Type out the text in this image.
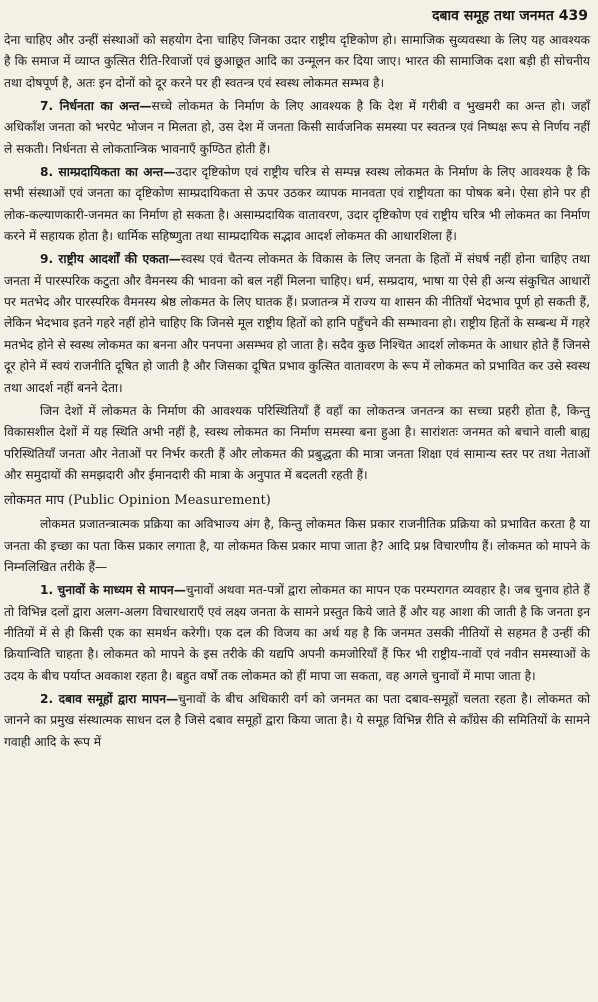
दबाव समूह तथा जनमत 439

देना चाहिए और उन्हीं संस्थाओं को सहयोग देना चाहिए जिनका उदार राष्ट्रीय दृष्टिकोण हो। सामाजिक सुव्यवस्था के लिए यह आवश्यक है कि समाज में व्याप्त कुत्सित रीति-रिवाजों एवं छुआछूत आदि का उन्मूलन कर दिया जाए। भारत की सामाजिक दशा बड़ी ही सोचनीय तथा दोषपूर्ण है, अतः इन दोनों को दूर करने पर ही स्वतन्त्र एवं स्वस्थ लोकमत सम्भव है।

7. निर्धनता का अन्त—सच्चे लोकमत के निर्माण के लिए आवश्यक है कि देश में गरीबी व भुखमरी का अन्त हो। जहाँ अधिकाँश जनता को भरपेट भोजन न मिलता हो, उस देश में जनता किसी सार्वजनिक समस्या पर स्वतन्त्र एवं निष्पक्ष रूप से निर्णय नहीं ले सकती। निर्धनता से लोकतान्त्रिक भावनाएँ कुण्ठित होती हैं।

8. साम्प्रदायिकता का अन्त—उदार दृष्टिकोण एवं राष्ट्रीय चरित्र से सम्पन्न स्वस्थ लोकमत के निर्माण के लिए आवश्यक है कि सभी संस्थाओं एवं जनता का दृष्टिकोण साम्प्रदायिकता से ऊपर उठकर व्यापक मानवता एवं राष्ट्रीयता का पोषक बने। ऐसा होने पर ही लोक-कल्याणकारी-जनमत का निर्माण हो सकता है। असाम्प्रदायिक वातावरण, उदार दृष्टिकोण एवं राष्ट्रीय चरित्र भी लोकमत का निर्माण करने में सहायक होता है। धार्मिक सहिष्णुता तथा साम्प्रदायिक सद्भाव आदर्श लोकमत की आधारशिला हैं।

9. राष्ट्रीय आदर्शों की एकता—स्वस्थ एवं चैतन्य लोकमत के विकास के लिए जनता के हितों में संघर्ष नहीं होना चाहिए तथा जनता में पारस्परिक कटुता और वैमनस्य की भावना को बल नहीं मिलना चाहिए। धर्म, सम्प्रदाय, भाषा या ऐसे ही अन्य संकुचित आधारों पर मतभेद और पारस्परिक वैमनस्य श्रेष्ठ लोकमत के लिए घातक हैं। प्रजातन्त्र में राज्य या शासन की नीतियाँ भेदभाव पूर्ण हो सकती हैं, लेकिन भेदभाव इतने गहरे नहीं होने चाहिए कि जिनसे मूल राष्ट्रीय हितों को हानि पहुँचने की सम्भावना हो। राष्ट्रीय हितों के सम्बन्ध में गहरे मतभेद होने से स्वस्थ लोकमत का बनना और पनपना असम्भव हो जाता है। सदैव कुछ निश्चित आदर्श लोकमत के आधार होते हैं जिनसे दूर होने में स्वयं राजनीति दूषित हो जाती है और जिसका दूषित प्रभाव कुत्सित वातावरण के रूप में लोकमत को प्रभावित कर उसे स्वस्थ तथा आदर्श नहीं बनने देता।

जिन देशों में लोकमत के निर्माण की आवश्यक परिस्थितियाँ हैं वहाँ का लोकतन्त्र जनतन्त्र का सच्चा प्रहरी होता है, किन्तु विकासशील देशों में यह स्थिति अभी नहीं है, स्वस्थ लोकमत का निर्माण समस्या बना हुआ है। सारांशतः जनमत को बचाने वाली बाह्य परिस्थितियाँ जनता और नेताओं पर निर्भर करती हैं और लोकमत की प्रबुद्धता की मात्रा जनता शिक्षा एवं सामान्य स्तर पर तथा नेताओं और समुदायों की समझदारी और ईमानदारी की मात्रा के अनुपात में बदलती रहती हैं।

लोकमत माप (Public Opinion Measurement)

लोकमत प्रजातन्त्रात्मक प्रक्रिया का अविभाज्य अंग है, किन्तु लोकमत किस प्रकार राजनीतिक प्रक्रिया को प्रभावित करता है या जनता की इच्छा का पता किस प्रकार लगाता है, या लोकमत किस प्रकार मापा जाता है? आदि प्रश्न विचारणीय हैं। लोकमत को मापने के निम्नलिखित तरीके हैं—

1. चुनावों के माध्यम से मापन—चुनावों अथवा मत-पत्रों द्वारा लोकमत का मापन एक परम्परागत व्यवहार है। जब चुनाव होते हैं तो विभिन्न दलों द्वारा अलग-अलग विचारधाराएँ एवं लक्ष्य जनता के सामने प्रस्तुत किये जाते हैं और यह आशा की जाती है कि जनता इन नीतियों में से ही किसी एक का समर्थन करेगी। एक दल की विजय का अर्थ यह है कि जनमत उसकी नीतियों से सहमत है उन्हीं की क्रियान्विति चाहता है। लोकमत को मापने के इस तरीके की यद्यपि अपनी कमजोरियाँ हैं फिर भी राष्ट्रीय-नावों एवं नवीन समस्याओं के उदय के बीच पर्याप्त अवकाश रहता है। बहुत वर्षों तक लोकमत को हीं मापा जा सकता, वह अगले चुनावों में मापा जाता है।

2. दबाव समूहों द्वारा मापन—चुनावों के बीच अधिकारी वर्ग को जनमत का पता दबाव-समूहों चलता रहता है। लोकमत को जानने का प्रमुख संस्थात्मक साधन दल है जिसे दबाव समूहों द्वारा किया जाता है। ये समूह विभिन्न रीति से काँग्रेस की समितियों के सामने गवाही आदि के रूप में
